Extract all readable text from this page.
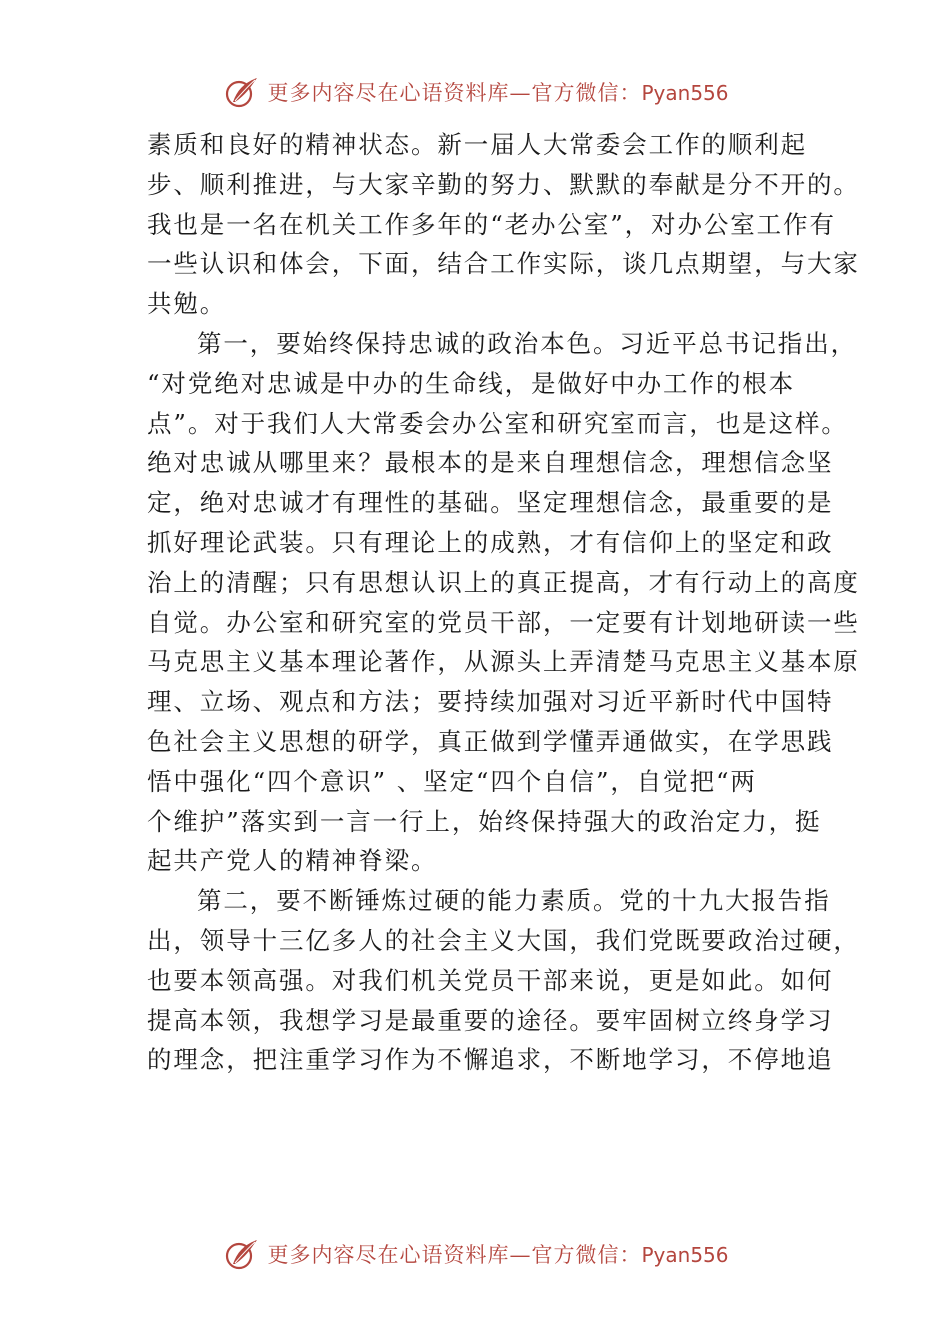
更多内容尽在心语资料库—官方微信：Pyan556
素质和良好的精神状态。新一届人大常委会工作的顺利起
步、顺利推进，与大家辛勤的努力、默默的奉献是分不开的。
我也是一名在机关工作多年的“老办公室”，对办公室工作有
一些认识和体会，下面，结合工作实际，谈几点期望，与大家
共勉。
第一，要始终保持忠诚的政治本色。习近平总书记指出，
“对党绝对忠诚是中办的生命线，是做好中办工作的根本
点”。对于我们人大常委会办公室和研究室而言，也是这样。
绝对忠诚从哪里来？最根本的是来自理想信念，理想信念坚
定，绝对忠诚才有理性的基础。坚定理想信念，最重要的是
抓好理论武装。只有理论上的成熟，才有信仰上的坚定和政
治上的清醒；只有思想认识上的真正提高，才有行动上的高度
自觉。办公室和研究室的党员干部，一定要有计划地研读一些
马克思主义基本理论著作，从源头上弄清楚马克思主义基本原
理、立场、观点和方法；要持续加强对习近平新时代中国特
色社会主义思想的研学，真正做到学懂弄通做实，在学思践
悟中强化“四个意识” 、坚定“四个自信”，自觉把“两
个维护”落实到一言一行上，始终保持强大的政治定力，挺
起共产党人的精神脊梁。
第二，要不断锤炼过硬的能力素质。党的十九大报告指
出，领导十三亿多人的社会主义大国，我们党既要政治过硬，
也要本领高强。对我们机关党员干部来说，更是如此。如何
提高本领，我想学习是最重要的途径。要牢固树立终身学习
的理念，把注重学习作为不懈追求，不断地学习，不停地追
更多内容尽在心语资料库—官方微信：Pyan556
